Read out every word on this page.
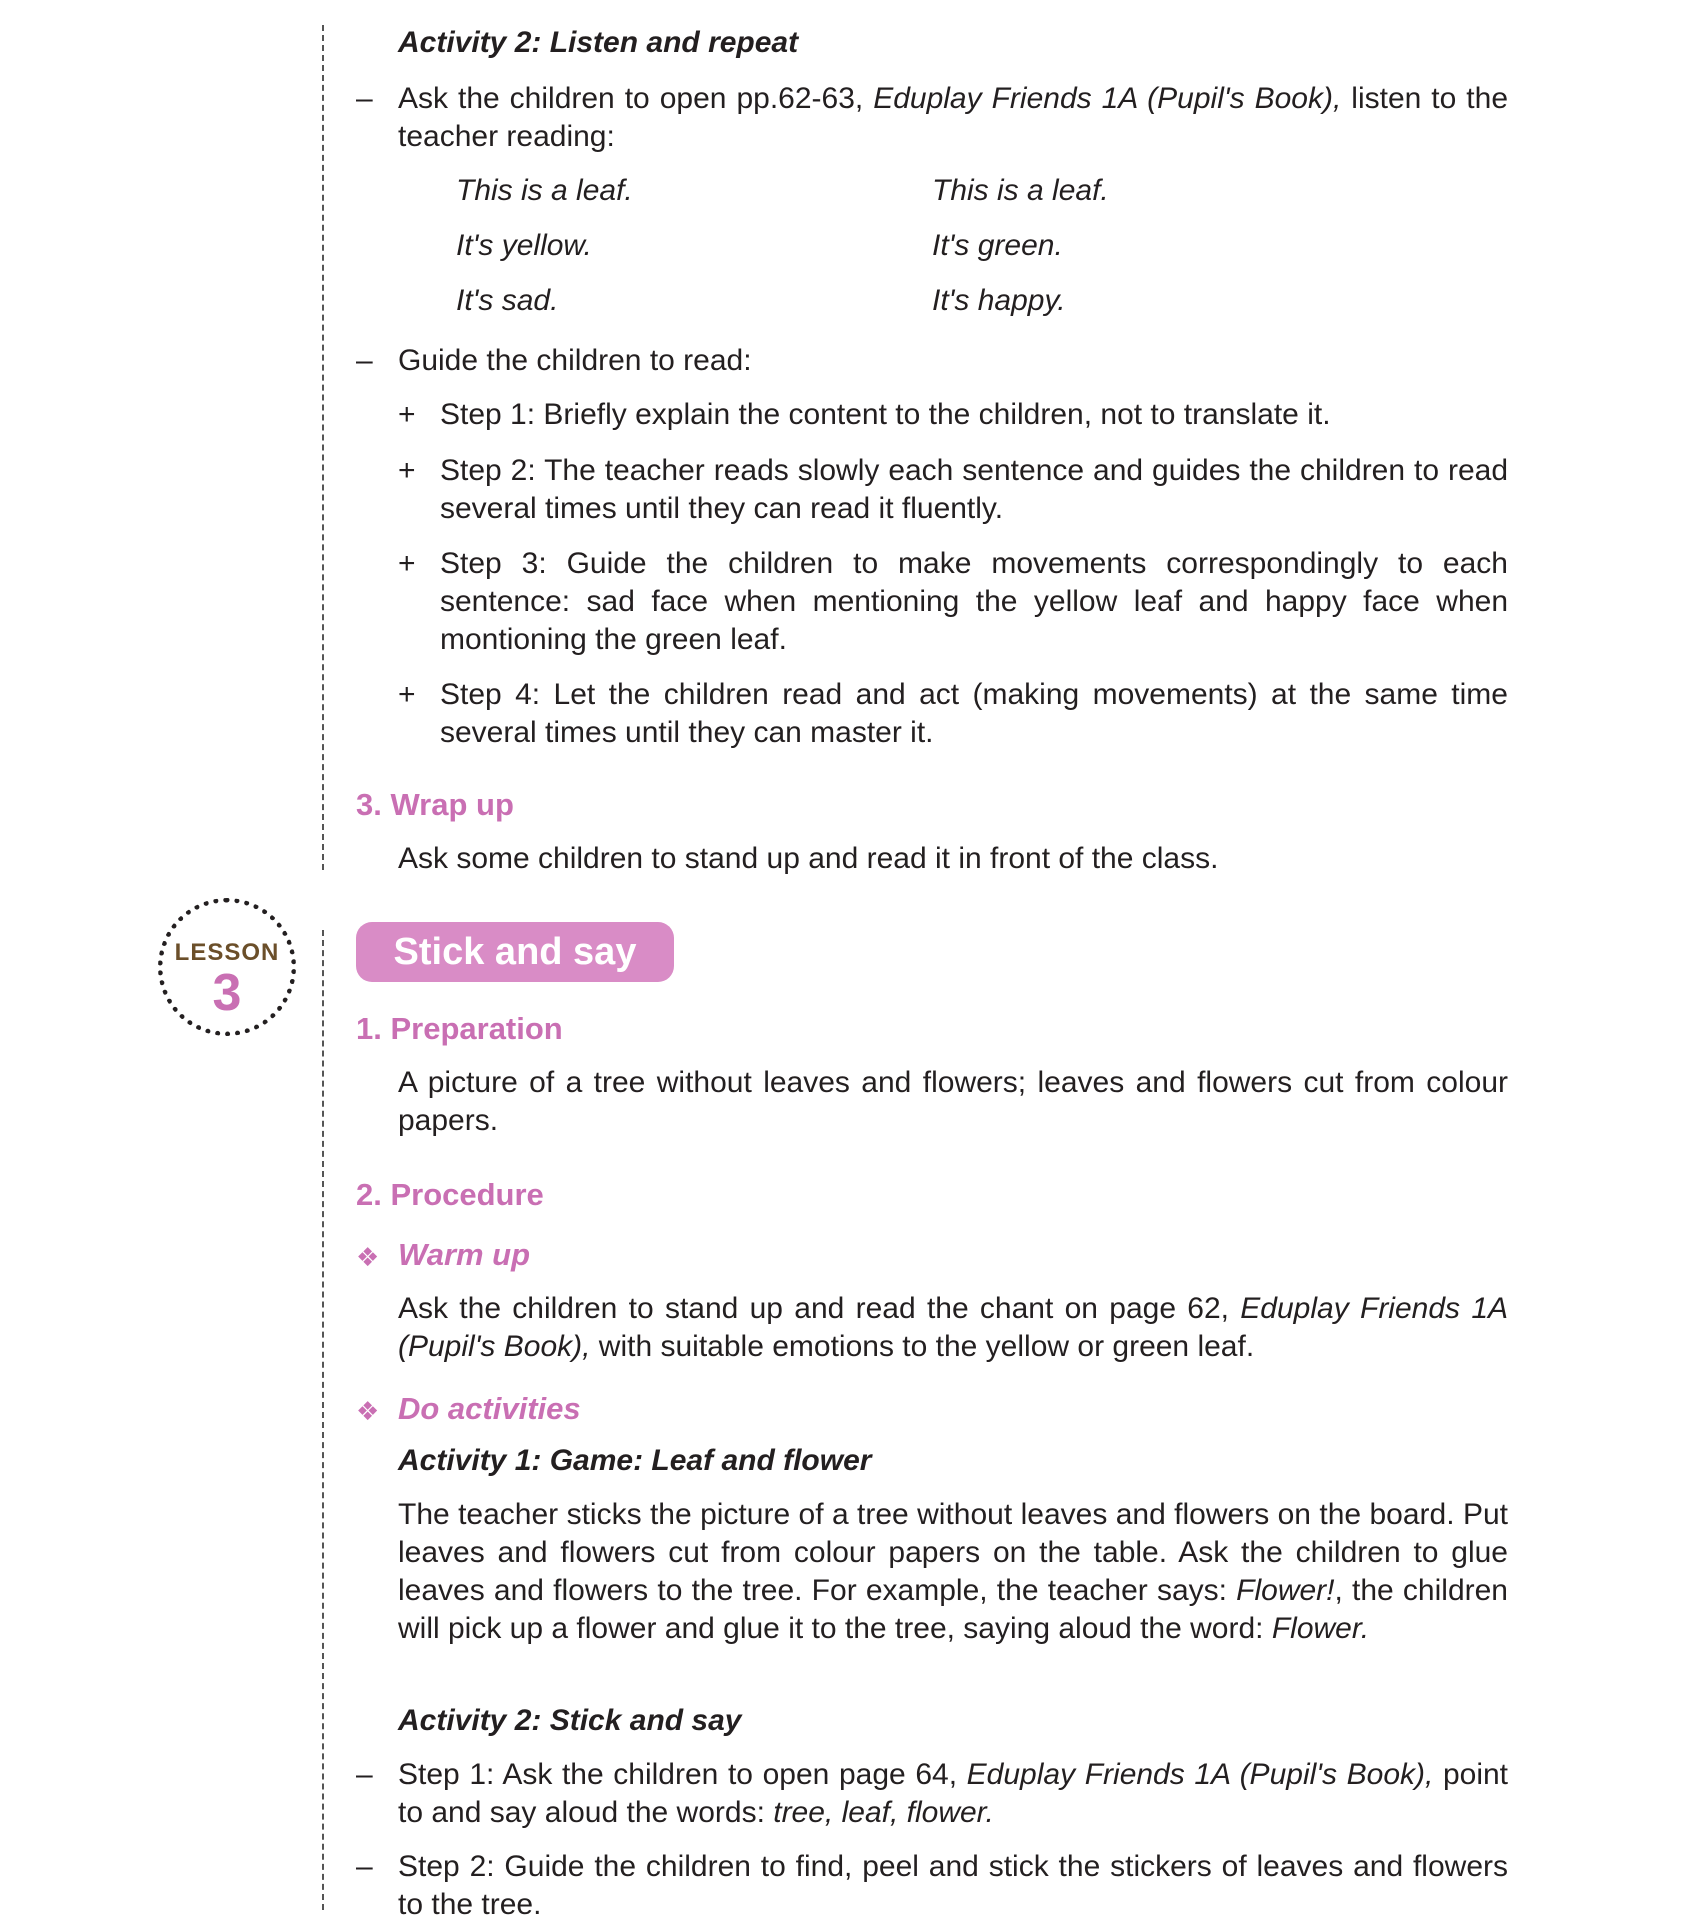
Activity 2: Listen and repeat

– Ask the children to open pp.62-63, Eduplay Friends 1A (Pupil's Book), listen to the teacher reading:

This is a leaf.	This is a leaf.

It's yellow.	It's green.

It's sad.	It's happy.

– Guide the children to read:

+ Step 1: Briefly explain the content to the children, not to translate it.

+ Step 2: The teacher reads slowly each sentence and guides the children to read several times until they can read it fluently.

+ Step 3: Guide the children to make movements correspondingly to each sentence: sad face when mentioning the yellow leaf and happy face when montioning the green leaf.

+ Step 4: Let the children read and act (making movements) at the same time several times until they can master it.

3. Wrap up

Ask some children to stand up and read it in front of the class.

LESSON
3
Stick and say

1. Preparation

A picture of a tree without leaves and flowers; leaves and flowers cut from colour papers.

2. Procedure

❖ Warm up

Ask the children to stand up and read the chant on page 62, Eduplay Friends 1A (Pupil's Book), with suitable emotions to the yellow or green leaf.

❖ Do activities

Activity 1: Game: Leaf and flower

The teacher sticks the picture of a tree without leaves and flowers on the board. Put leaves and flowers cut from colour papers on the table. Ask the children to glue leaves and flowers to the tree. For example, the teacher says: Flower!, the children will pick up a flower and glue it to the tree, saying aloud the word: Flower.

Activity 2: Stick and say

– Step 1: Ask the children to open page 64, Eduplay Friends 1A (Pupil's Book), point to and say aloud the words: tree, leaf, flower.

– Step 2: Guide the children to find, peel and stick the stickers of leaves and flowers to the tree.
